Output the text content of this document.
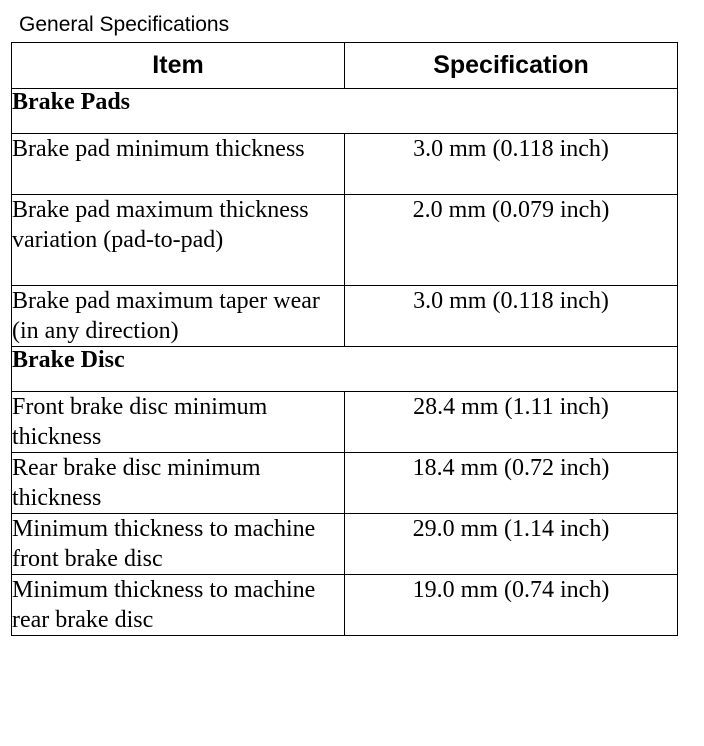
General Specifications
Item	Specification
Brake Pads	
Brake pad minimum thickness	3.0 mm (0.118 inch)
Brake pad maximum thickness variation (pad-to-pad)	2.0 mm (0.079 inch)
Brake pad maximum taper wear (in any direction)	3.0 mm (0.118 inch)
Brake Disc	
Front brake disc minimum thickness	28.4 mm (1.11 inch)
Rear brake disc minimum thickness	18.4 mm (0.72 inch)
Minimum thickness to machine front brake disc	29.0 mm (1.14 inch)
Minimum thickness to machine rear brake disc	19.0 mm (0.74 inch)
